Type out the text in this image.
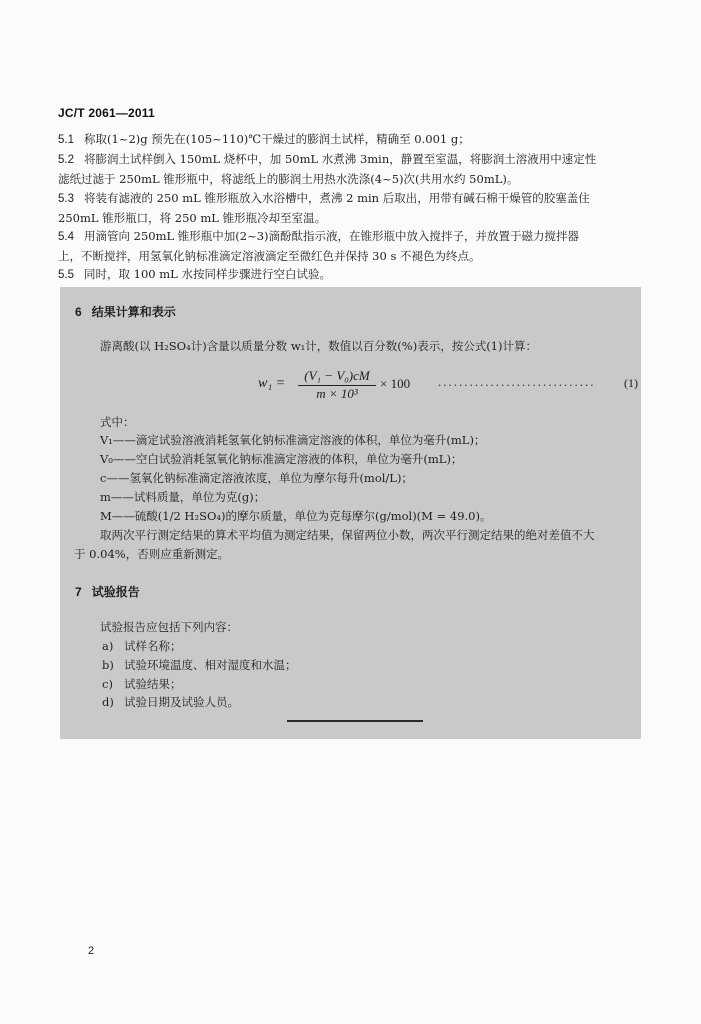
JC/T 2061—2011
5.1 称取(1~2)g 预先在(105~110)℃干燥过的膨润土试样，精确至 0.001 g；
5.2 将膨润土试样倒入 150mL 烧杯中，加 50mL 水煮沸 3min，静置至室温，将膨润土溶液用中速定性
滤纸过滤于 250mL 锥形瓶中，将滤纸上的膨润土用热水洗涤(4~5)次(共用水约 50mL)。
5.3 将装有滤液的 250 mL 锥形瓶放入水浴槽中，煮沸 2 min 后取出，用带有碱石棉干燥管的胶塞盖住
250mL 锥形瓶口，将 250 mL 锥形瓶冷却至室温。
5.4 用滴管向 250mL 锥形瓶中加(2~3)滴酚酞指示液，在锥形瓶中放入搅拌子，并放置于磁力搅拌器
上，不断搅拌，用氢氧化钠标准滴定溶液滴定至微红色并保持 30 s 不褪色为终点。
5.5 同时，取 100 mL 水按同样步骤进行空白试验。
6 结果计算和表示
游离酸(以 H₂SO₄计)含量以质量分数 w₁计，数值以百分数(%)表示，按公式(1)计算：
$w_1 = \frac{\text{(V₁ − V₀)cM}}{\text{m × 10³}} \times 100$ .............................. (1)
式中：
V₁——滴定试验溶液消耗氢氧化钠标准滴定溶液的体积，单位为毫升(mL)；
V₀——空白试验消耗氢氧化钠标准滴定溶液的体积，单位为毫升(mL)；
c——氢氧化钠标准滴定溶液浓度，单位为摩尔每升(mol/L)；
m——试料质量，单位为克(g)；
M——硫酸(1/2 H₂SO₄)的摩尔质量，单位为克每摩尔(g/mol)(M = 49.0)。
取两次平行测定结果的算术平均值为测定结果，保留两位小数，两次平行测定结果的绝对差值不大
于 0.04%，否则应重新测定。
7 试验报告
试验报告应包括下列内容：
a) 试样名称；
b) 试验环境温度、相对湿度和水温；
c) 试验结果；
d) 试验日期及试验人员。
2
